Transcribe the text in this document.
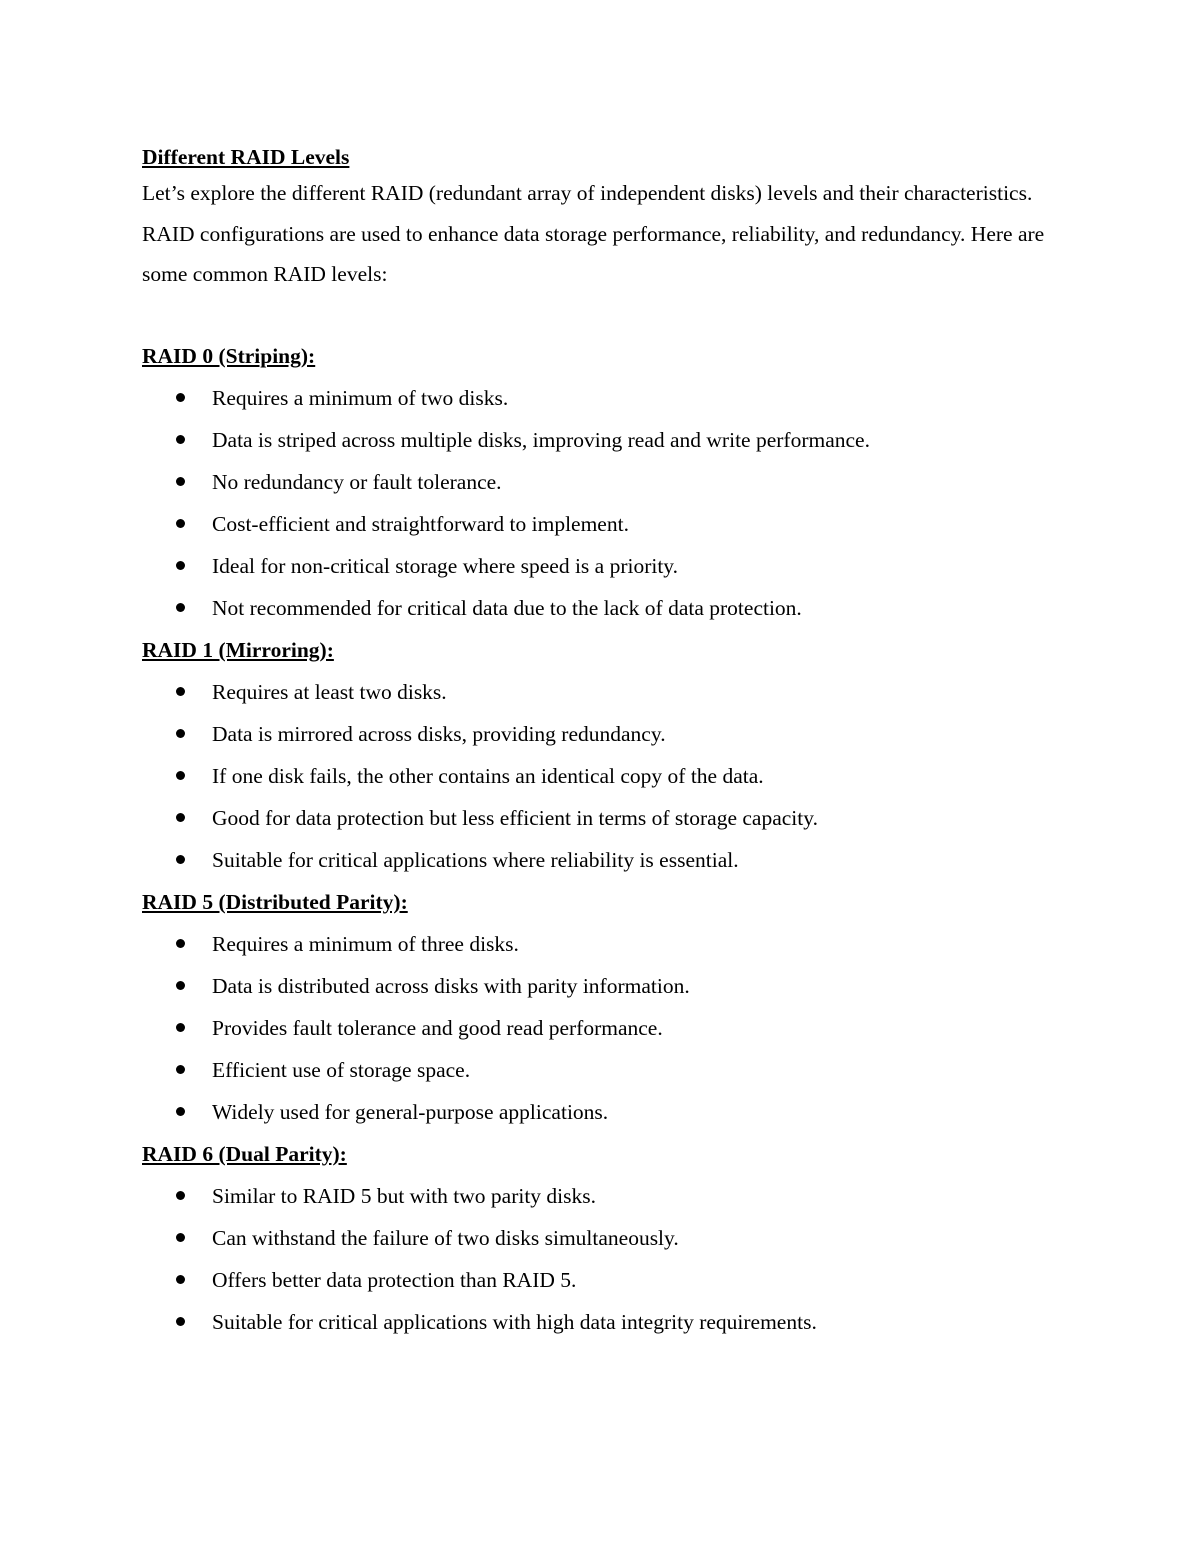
Different RAID Levels

Let’s explore the different RAID (redundant array of independent disks) levels and their characteristics. RAID configurations are used to enhance data storage performance, reliability, and redundancy. Here are some common RAID levels:

RAID 0 (Striping):

Requires a minimum of two disks.
Data is striped across multiple disks, improving read and write performance.
No redundancy or fault tolerance.
Cost-efficient and straightforward to implement.
Ideal for non-critical storage where speed is a priority.
Not recommended for critical data due to the lack of data protection.

RAID 1 (Mirroring):

Requires at least two disks.
Data is mirrored across disks, providing redundancy.
If one disk fails, the other contains an identical copy of the data.
Good for data protection but less efficient in terms of storage capacity.
Suitable for critical applications where reliability is essential.

RAID 5 (Distributed Parity):

Requires a minimum of three disks.
Data is distributed across disks with parity information.
Provides fault tolerance and good read performance.
Efficient use of storage space.
Widely used for general-purpose applications.

RAID 6 (Dual Parity):

Similar to RAID 5 but with two parity disks.
Can withstand the failure of two disks simultaneously.
Offers better data protection than RAID 5.
Suitable for critical applications with high data integrity requirements.
